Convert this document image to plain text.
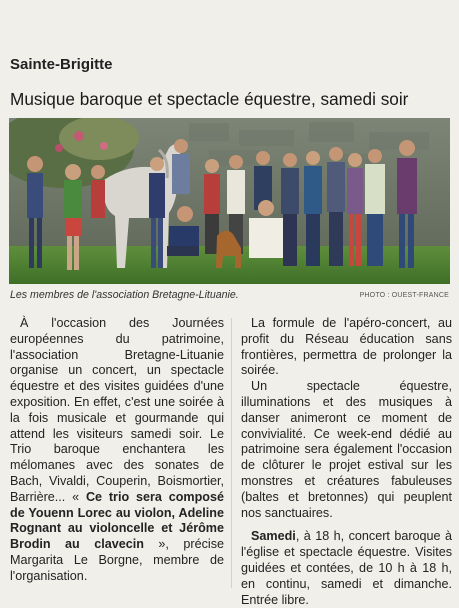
Sainte-Brigitte
Musique baroque et spectacle équestre, samedi soir
Les membres de l'association Bretagne-Lituanie.	PHOTO : OUEST-FRANCE

À l'occasion des Journées européennes du patrimoine, l'association Bretagne-Lituanie organise un concert, un spectacle équestre et des visites guidées d'une exposition. En effet, c'est une soirée à la fois musicale et gourmande qui attend les visiteurs samedi soir. Le Trio baroque enchantera les mélomanes avec des sonates de Bach, Vivaldi, Couperin, Boismortier, Barrière... « Ce trio sera composé de Youenn Lorec au violon, Adeline Rognant au violoncelle et Jérôme Brodin au clavecin », précise Margarita Le Borgne, membre de l'organisation.

La formule de l'apéro-concert, au profit du Réseau éducation sans frontières, permettra de prolonger la soirée.

Un spectacle équestre, illuminations et des musiques à danser animeront ce moment de convivialité. Ce week-end dédié au patrimoine sera également l'occasion de clôturer le projet estival sur les monstres et créatures fabuleuses (baltes et bretonnes) qui peuplent nos sanctuaires.

Samedi, à 18 h, concert baroque à l'église et spectacle équestre. Visites guidées et contées, de 10 h à 18 h, en continu, samedi et dimanche. Entrée libre.
